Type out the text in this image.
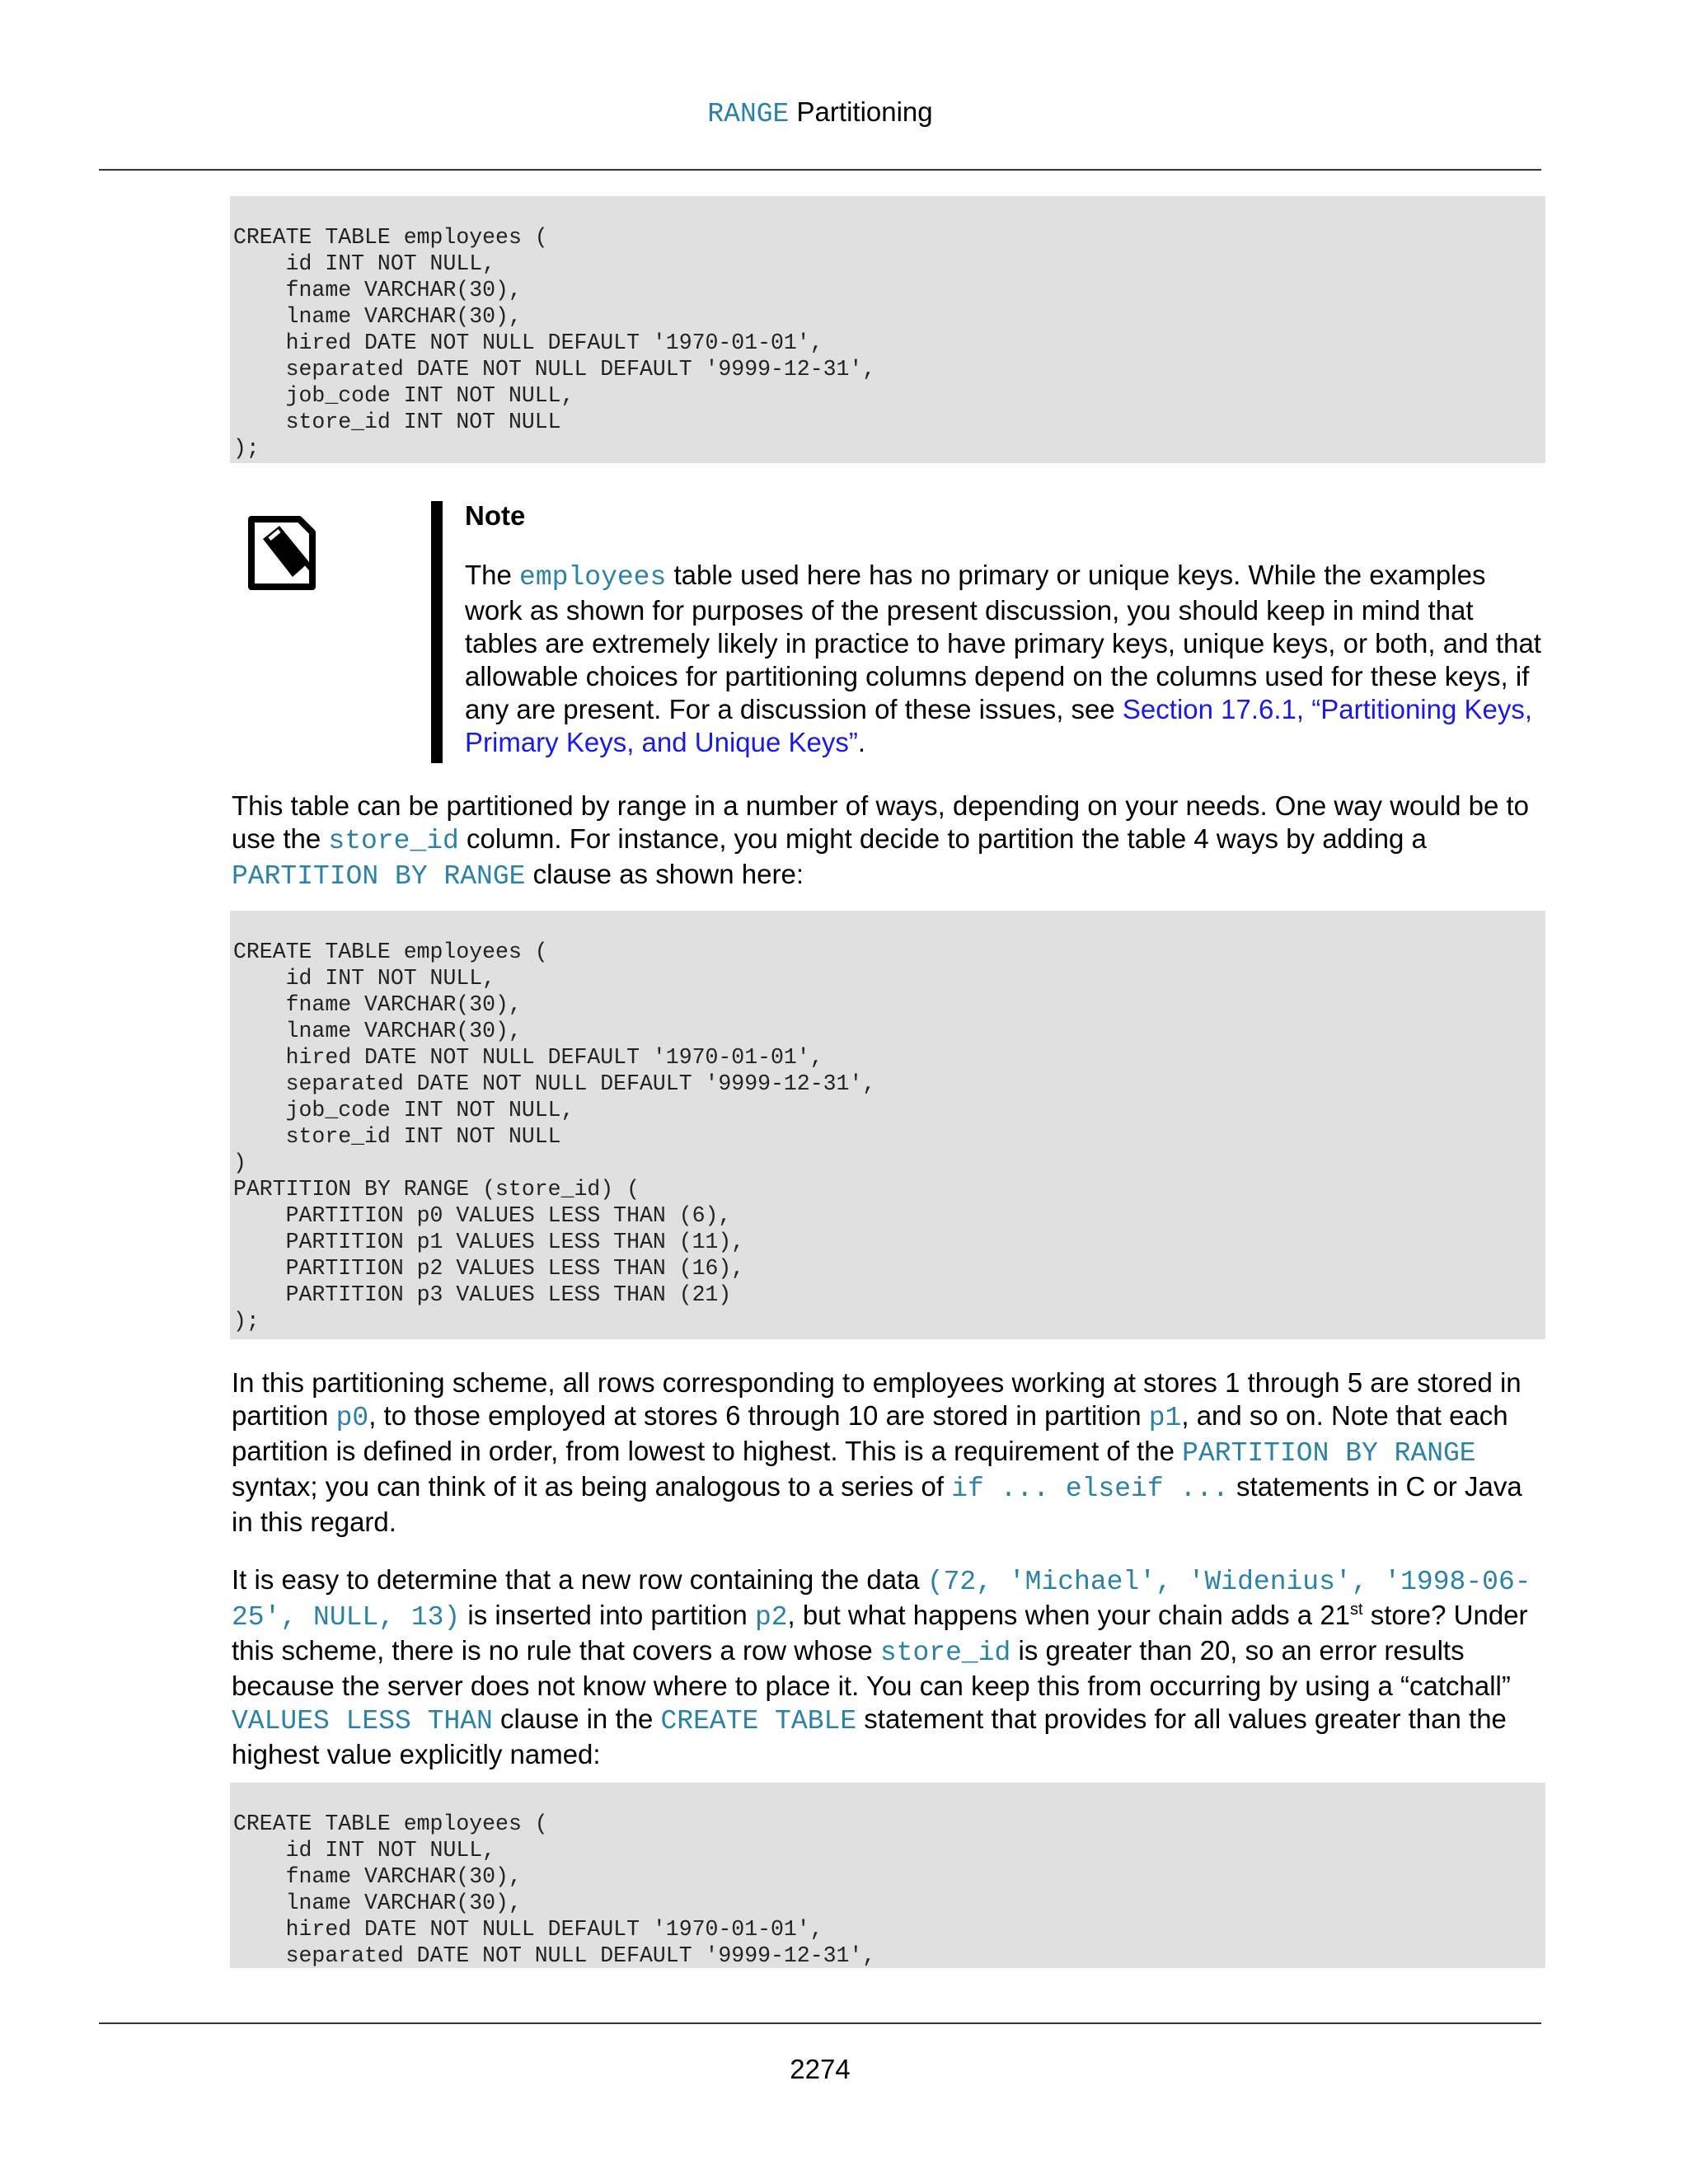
RANGE Partitioning
CREATE TABLE employees (
id INT NOT NULL,
fname VARCHAR(30),
lname VARCHAR(30),
hired DATE NOT NULL DEFAULT '1970-01-01',
separated DATE NOT NULL DEFAULT '9999-12-31',
job_code INT NOT NULL,
store_id INT NOT NULL
);
Note

The employees table used here has no primary or unique keys. While the examples work as shown for purposes of the present discussion, you should keep in mind that tables are extremely likely in practice to have primary keys, unique keys, or both, and that allowable choices for partitioning columns depend on the columns used for these keys, if any are present. For a discussion of these issues, see Section 17.6.1, “Partitioning Keys, Primary Keys, and Unique Keys”.

This table can be partitioned by range in a number of ways, depending on your needs. One way would be to use the store_id column. For instance, you might decide to partition the table 4 ways by adding a PARTITION BY RANGE clause as shown here:

CREATE TABLE employees (
id INT NOT NULL,
fname VARCHAR(30),
lname VARCHAR(30),
hired DATE NOT NULL DEFAULT '1970-01-01',
separated DATE NOT NULL DEFAULT '9999-12-31',
job_code INT NOT NULL,
store_id INT NOT NULL
)
PARTITION BY RANGE (store_id) (
PARTITION p0 VALUES LESS THAN (6),
PARTITION p1 VALUES LESS THAN (11),
PARTITION p2 VALUES LESS THAN (16),
PARTITION p3 VALUES LESS THAN (21)
);

In this partitioning scheme, all rows corresponding to employees working at stores 1 through 5 are stored in partition p0, to those employed at stores 6 through 10 are stored in partition p1, and so on. Note that each partition is defined in order, from lowest to highest. This is a requirement of the PARTITION BY RANGE syntax; you can think of it as being analogous to a series of if ... elseif ... statements in C or Java in this regard.

It is easy to determine that a new row containing the data (72, 'Michael', 'Widenius', '1998-06-25', NULL, 13) is inserted into partition p2, but what happens when your chain adds a 21st store? Under this scheme, there is no rule that covers a row whose store_id is greater than 20, so an error results because the server does not know where to place it. You can keep this from occurring by using a “catchall” VALUES LESS THAN clause in the CREATE TABLE statement that provides for all values greater than the highest value explicitly named:

CREATE TABLE employees (
id INT NOT NULL,
fname VARCHAR(30),
lname VARCHAR(30),
hired DATE NOT NULL DEFAULT '1970-01-01',
separated DATE NOT NULL DEFAULT '9999-12-31',
2274
